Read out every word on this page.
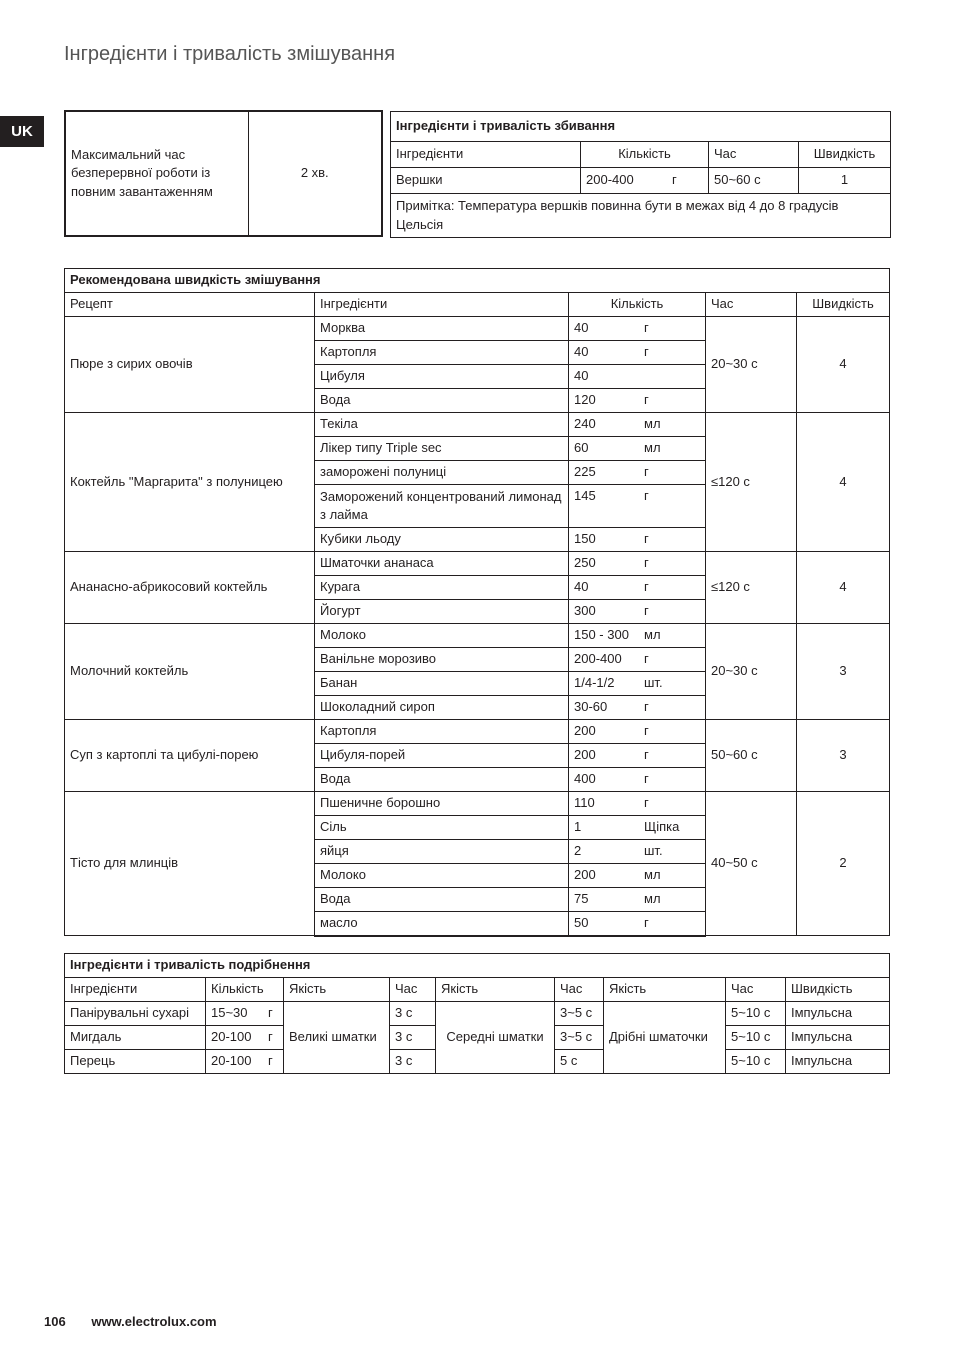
Інгредієнти і тривалість змішування
UK
Максимальний час безперервної роботи із повним завантаженням	2 хв.
Інгредієнти і тривалість збивання			
Інгредієнти	Кількість	Час	Швидкість
Вершки	200-400 г	50~60 с	1
Примітка: Температура вершків повинна бути в межах від 4 до 8 градусів Цельсія			
Рекомендована швидкість змішування				
Рецепт	Інгредієнти	Кількість	Час	Швидкість
Пюре з сирих овочів	Морква	40 г	20~30 с	4
	Картопля	40 г		
	Цибуля	40		
	Вода	120 г		
Коктейль "Маргарита" з полуницею	Текіла	240 мл	≤120 с	4
	Лікер типу Triple sec	60 мл		
	заморожені полуниці	225 г		
	Заморожений концентрований лимонад з лайма	145 г		
	Кубики льоду	150 г		
Ананасно-абрикосовий коктейль	Шматочки ананаса	250 г	≤120 с	4
	Курага	40 г		
	Йогурт	300 г		
Молочний коктейль	Молоко	150 - 300 мл	20~30 с	3
	Ванільне морозиво	200-400 г		
	Банан	1/4-1/2 шт.		
	Шоколадний сироп	30-60 г		
Суп з картоплі та цибулі-порею	Картопля	200 г	50~60 с	3
	Цибуля-порей	200 г		
	Вода	400 г		
Тісто для млинців	Пшеничне борошно	110 г	40~50 с	2
	Сіль	1 Щіпка		
	яйця	2 шт.		
	Молоко	200 мл		
	Вода	75 мл		
	масло	50 г		
Інгредієнти і тривалість подрібнення								
Інгредієнти	Кількість	Якість	Час	Якість	Час	Якість	Час	Швидкість
Панірувальні сухарі	15~30 г	Великі шматки	3 с	Середні шматки	3~5 с	Дрібні шматочки	5~10 с	Імпульсна
Мигдаль	20-100 г		3 с		3~5 с		5~10 с	Імпульсна
Перець	20-100 г		3 с		5 с		5~10 с	Імпульсна
106 www.electrolux.com
